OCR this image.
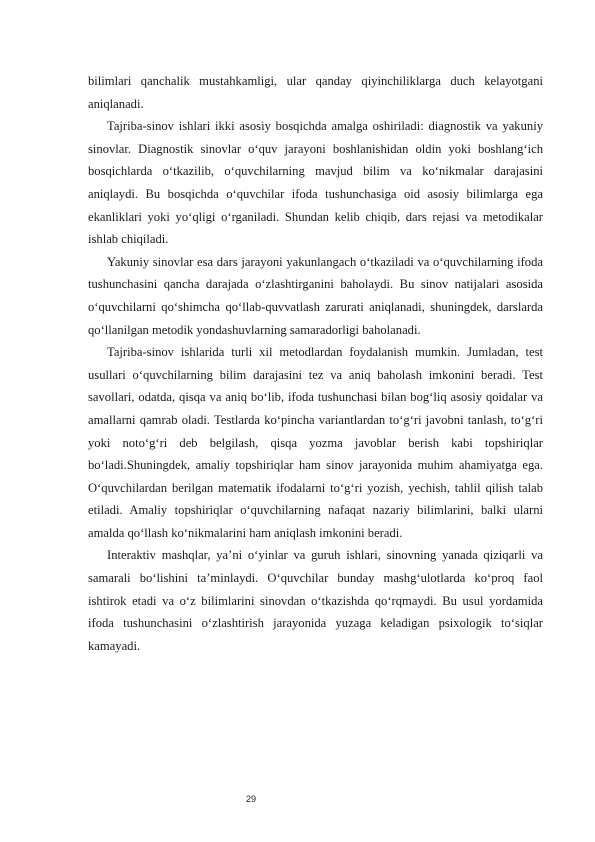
bilimlari qanchalik mustahkamligi, ular qanday qiyinchiliklarga duch kelayotgani aniqlanadi.

Tajriba-sinov ishlari ikki asosiy bosqichda amalga oshiriladi: diagnostik va yakuniy sinovlar. Diagnostik sinovlar o‘quv jarayoni boshlanishidan oldin yoki boshlang‘ich bosqichlarda o‘tkazilib, o‘quvchilarning mavjud bilim va ko‘nikmalar darajasini aniqlaydi. Bu bosqichda o‘quvchilar ifoda tushunchasiga oid asosiy bilimlarga ega ekanliklari yoki yo‘qligi o‘rganiladi. Shundan kelib chiqib, dars rejasi va metodikalar ishlab chiqiladi.

Yakuniy sinovlar esa dars jarayoni yakunlangach o‘tkaziladi va o‘quvchilarning ifoda tushunchasini qancha darajada o‘zlashtirganini baholaydi. Bu sinov natijalari asosida o‘quvchilarni qo‘shimcha qo‘llab-quvvatlash zarurati aniqlanadi, shuningdek, darslarda qo‘llanilgan metodik yondashuvlarning samaradorligi baholanadi.

Tajriba-sinov ishlarida turli xil metodlardan foydalanish mumkin. Jumladan, test usullari o‘quvchilarning bilim darajasini tez va aniq baholash imkonini beradi. Test savollari, odatda, qisqa va aniq bo‘lib, ifoda tushunchasi bilan bog‘liq asosiy qoidalar va amallarni qamrab oladi. Testlarda ko‘pincha variantlardan to‘g‘ri javobni tanlash, to‘g‘ri yoki noto‘g‘ri deb belgilash, qisqa yozma javoblar berish kabi topshiriqlar bo‘ladi.Shuningdek, amaliy topshiriqlar ham sinov jarayonida muhim ahamiyatga ega. O‘quvchilardan berilgan matematik ifodalarni to‘g‘ri yozish, yechish, tahlil qilish talab etiladi. Amaliy topshiriqlar o‘quvchilarning nafaqat nazariy bilimlarini, balki ularni amalda qo‘llash ko‘nikmalarini ham aniqlash imkonini beradi.

Interaktiv mashqlar, ya’ni o‘yinlar va guruh ishlari, sinovning yanada qiziqarli va samarali bo‘lishini ta’minlaydi. O‘quvchilar bunday mashg‘ulotlarda ko‘proq faol ishtirok etadi va o‘z bilimlarini sinovdan o‘tkazishda qo‘rqmaydi. Bu usul yordamida ifoda tushunchasini o‘zlashtirish jarayonida yuzaga keladigan psixologik to‘siqlar kamayadi.

29
